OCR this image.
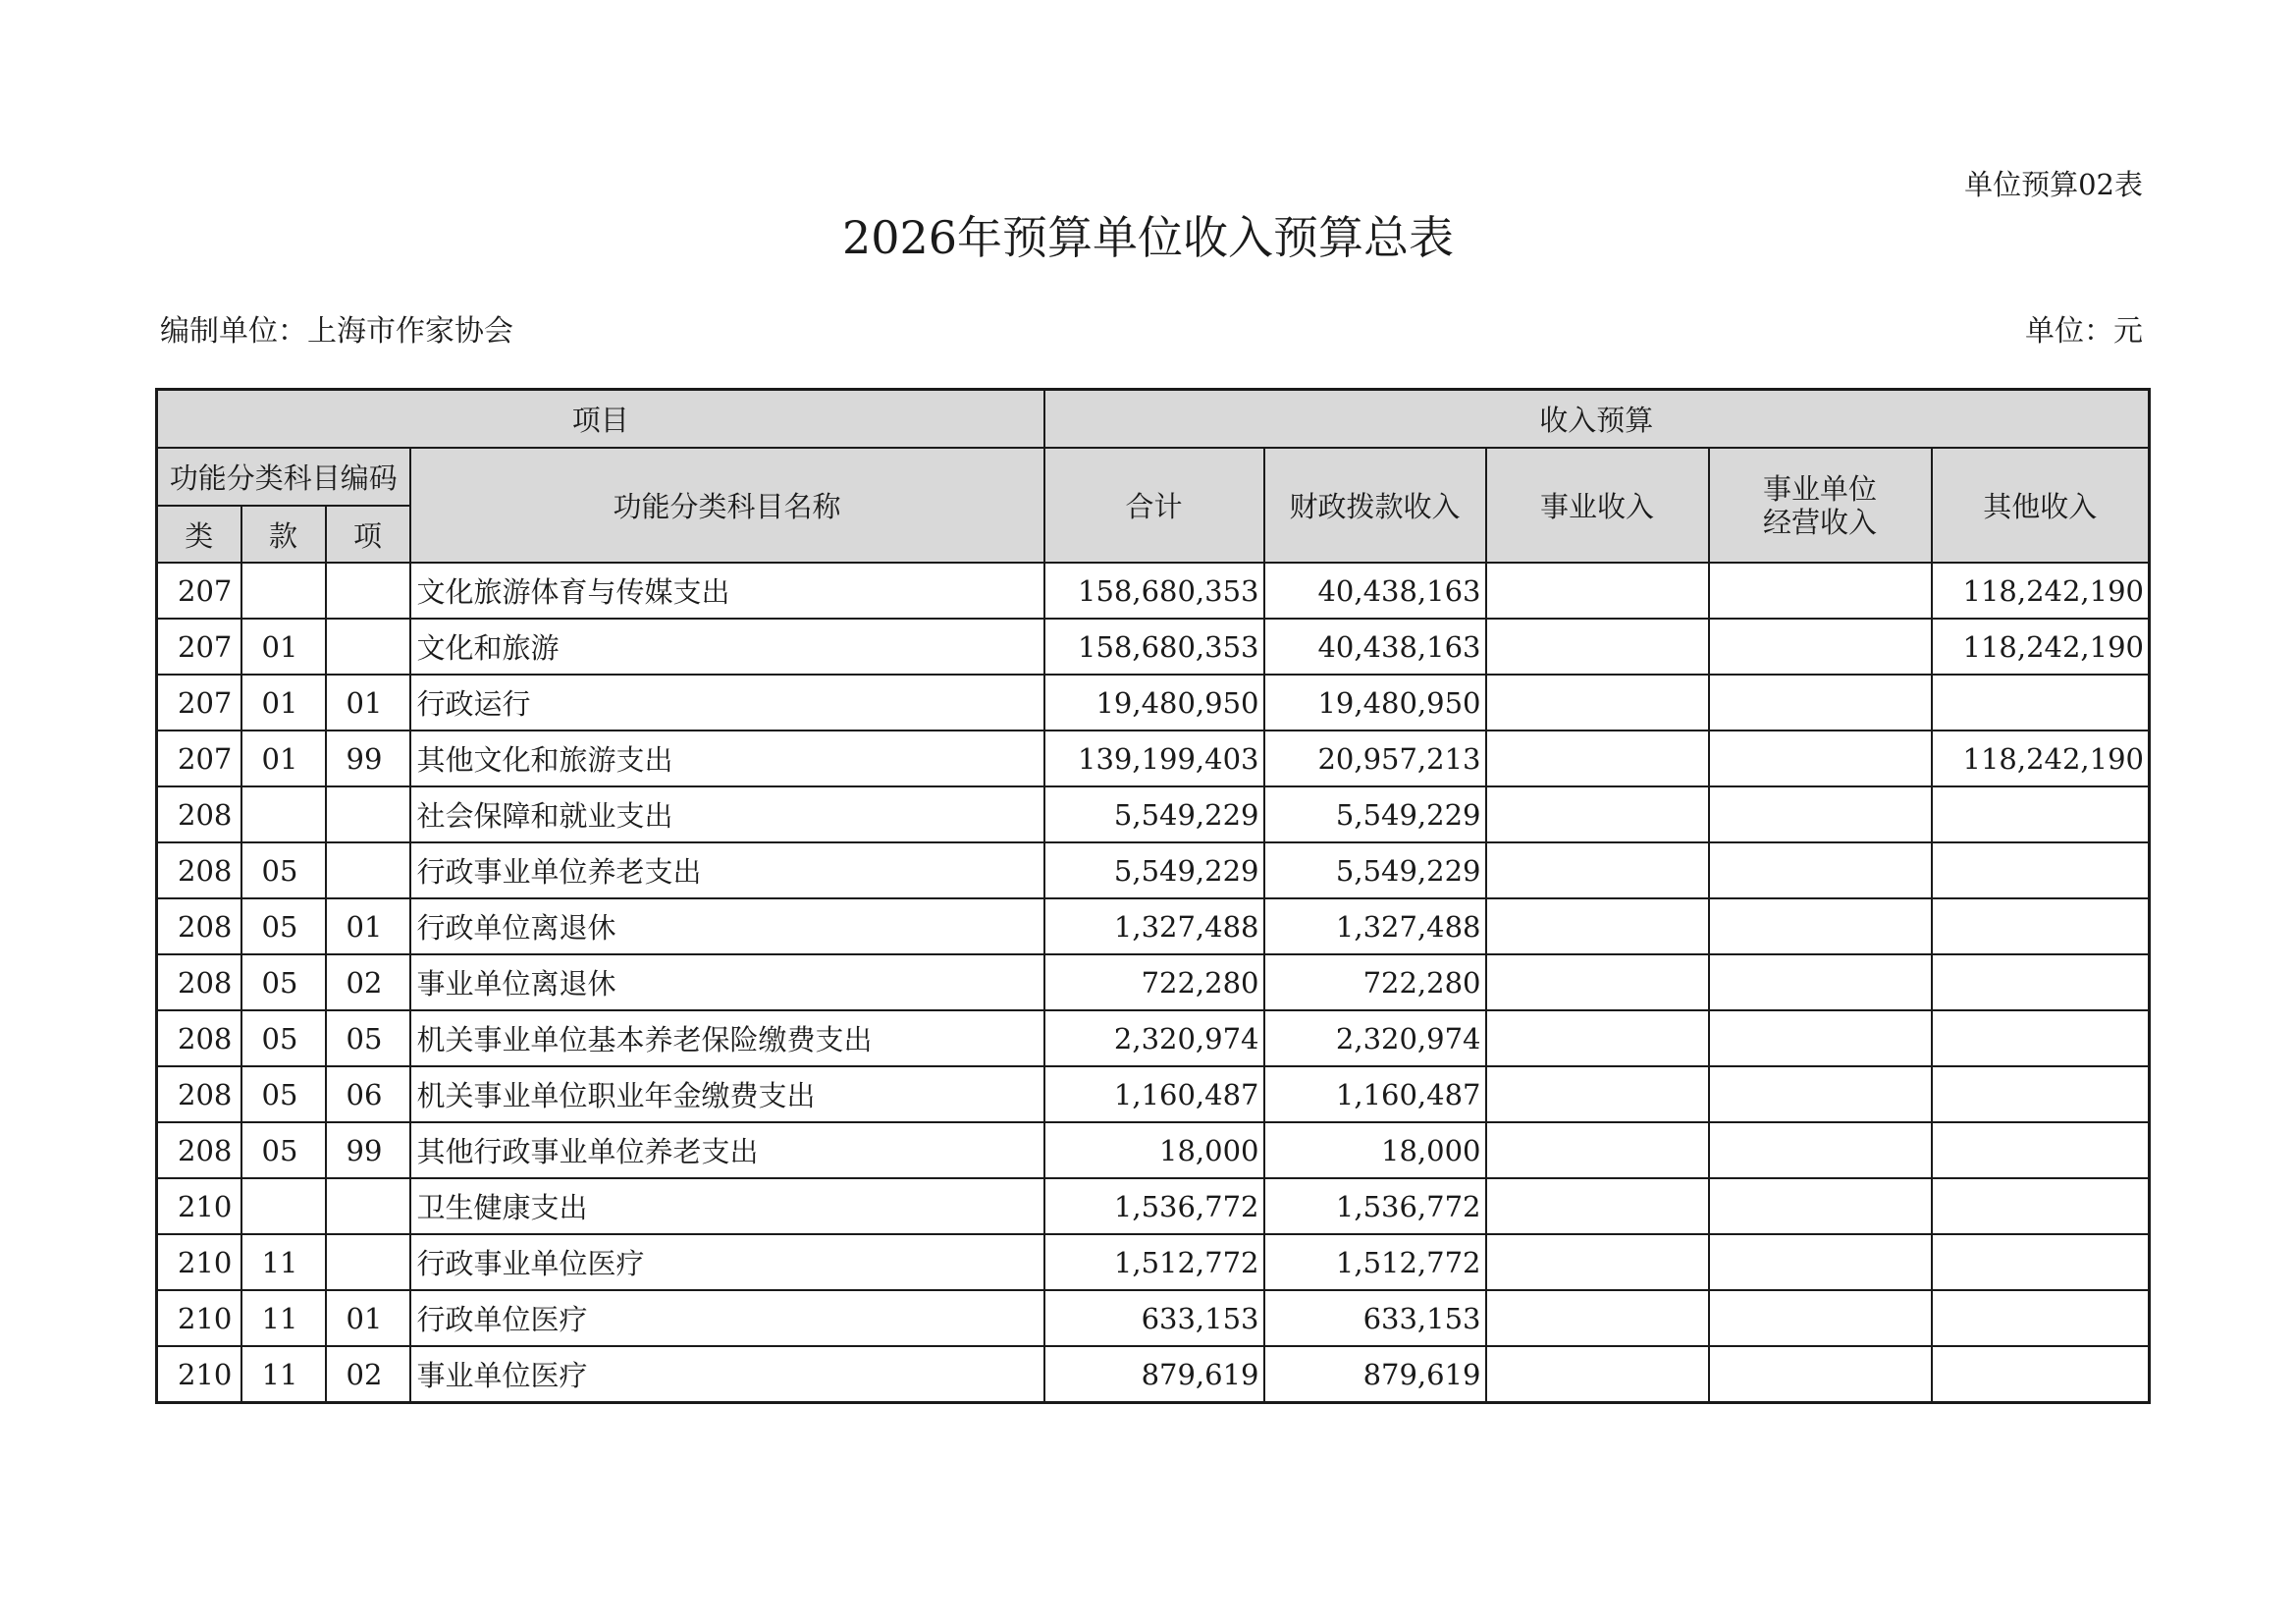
单位预算02表
2026年预算单位收入预算总表
编制单位：上海市作家协会	单位：元
项目				收入预算				
功能分类科目编码			功能分类科目名称	合计	财政拨款收入	事业收入	事业单位
经营收入	其他收入
类	款	项						
207			文化旅游体育与传媒支出	158,680,353	40,438,163			118,242,190
207	01		文化和旅游	158,680,353	40,438,163			118,242,190
207	01	01	行政运行	19,480,950	19,480,950			
207	01	99	其他文化和旅游支出	139,199,403	20,957,213			118,242,190
208			社会保障和就业支出	5,549,229	5,549,229			
208	05		行政事业单位养老支出	5,549,229	5,549,229			
208	05	01	行政单位离退休	1,327,488	1,327,488			
208	05	02	事业单位离退休	722,280	722,280			
208	05	05	机关事业单位基本养老保险缴费支出	2,320,974	2,320,974			
208	05	06	机关事业单位职业年金缴费支出	1,160,487	1,160,487			
208	05	99	其他行政事业单位养老支出	18,000	18,000			
210			卫生健康支出	1,536,772	1,536,772			
210	11		行政事业单位医疗	1,512,772	1,512,772			
210	11	01	行政单位医疗	633,153	633,153			
210	11	02	事业单位医疗	879,619	879,619			
